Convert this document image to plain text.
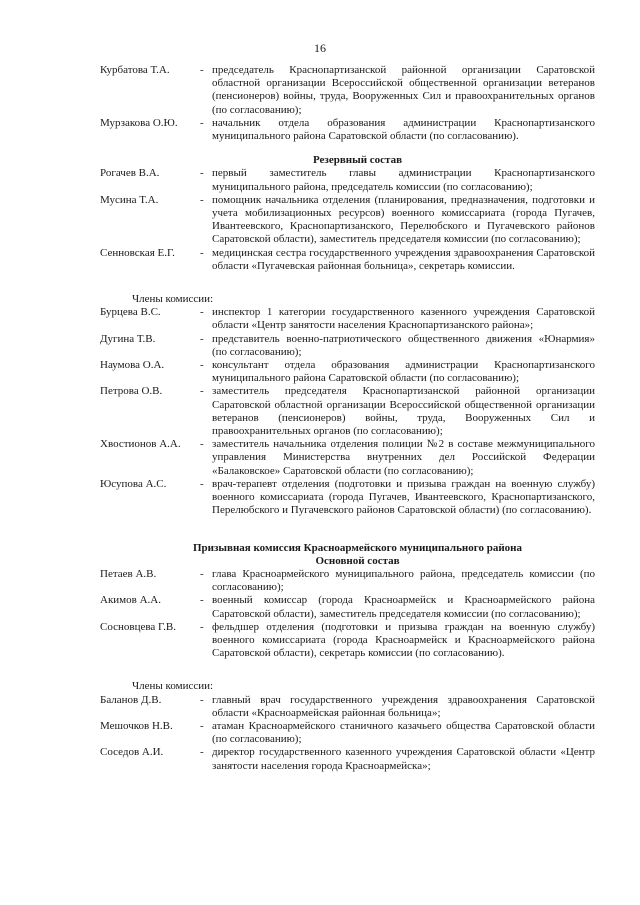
16
Курбатова Т.А.	- председатель Краснопартизанской районной организации Саратовской областной организации Всероссийской общественной организации ветеранов (пенсионеров) войны, труда, Вооруженных Сил и правоохранительных органов (по согласованию);
Мурзакова О.Ю.	- начальник отдела образования администрации Краснопартизанского муниципального района Саратовской области (по согласованию).
Резервный состав
Рогачев В.А.	- первый заместитель главы администрации Краснопартизанского муниципального района, председатель комиссии (по согласованию);
Мусина Т.А.	- помощник начальника отделения (планирования, предназначения, подготовки и учета мобилизационных ресурсов) военного комиссариата (города Пугачев, Ивантеевского, Краснопартизанского, Перелюбского и Пугачевского районов Саратовской области), заместитель председателя комиссии (по согласованию);
Сенновская Е.Г.	- медицинская сестра государственного учреждения здравоохранения Саратовской области «Пугачевская районная больница», секретарь комиссии.
Члены комиссии:
Бурцева В.С.	- инспектор 1 категории государственного казенного учреждения Саратовской области «Центр занятости населения Краснопартизанского района»;
Дугина Т.В.	- представитель военно-патриотического общественного движения «Юнармия» (по согласованию);
Наумова О.А.	- консультант отдела образования администрации Краснопартизанского муниципального района Саратовской области (по согласованию);
Петрова О.В.	- заместитель председателя Краснопартизанской районной организации Саратовской областной организации Всероссийской общественной организации ветеранов (пенсионеров) войны, труда, Вооруженных Сил и правоохранительных органов (по согласованию);
Хвостионов А.А.	- заместитель начальника отделения полиции №2 в составе межмуниципального управления Министерства внутренних дел Российской Федерации «Балаковское» Саратовской области (по согласованию);
Юсупова А.С.	- врач-терапевт отделения (подготовки и призыва граждан на военную службу) военного комиссариата (города Пугачев, Ивантеевского, Краснопартизанского, Перелюбского и Пугачевского районов Саратовской области) (по согласованию).
Призывная комиссия Красноармейского муниципального района
Основной состав
Петаев А.В.	- глава Красноармейского муниципального района, председатель комиссии (по согласованию);
Акимов А.А.	- военный комиссар (города Красноармейск и Красноармейского района Саратовской области), заместитель председателя комиссии (по согласованию);
Сосновцева Г.В.	- фельдшер отделения (подготовки и призыва граждан на военную службу) военного комиссариата (города Красноармейск и Красноармейского района Саратовской области), секретарь комиссии (по согласованию).
Члены комиссии:
Баланов Д.В.	- главный врач государственного учреждения здравоохранения Саратовской области «Красноармейская районная больница»;
Мешочков Н.В.	- атаман Красноармейского станичного казачьего общества Саратовской области (по согласованию);
Соседов А.И.	- директор государственного казенного учреждения Саратовской области «Центр занятости населения города Красноармейска»;
